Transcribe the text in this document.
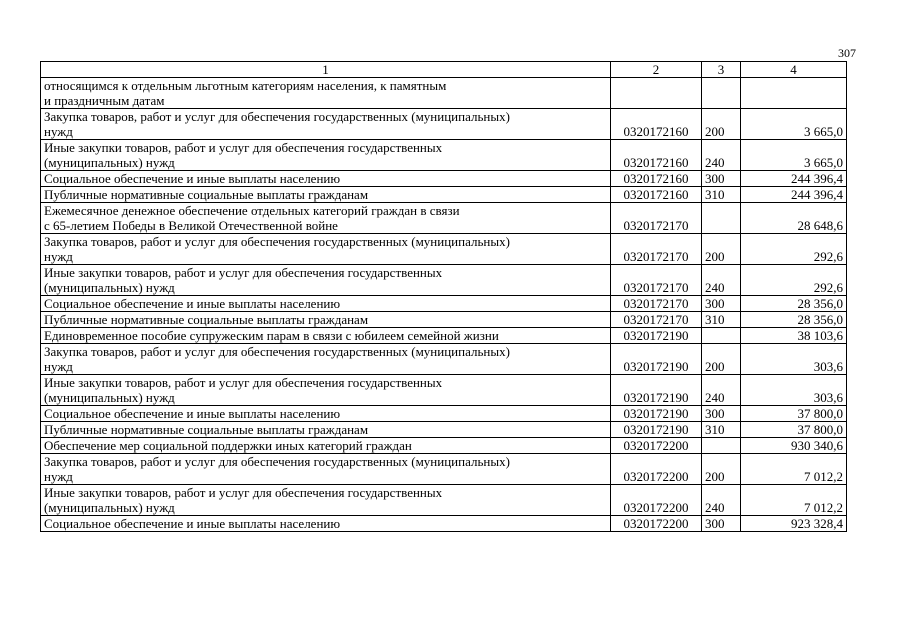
307
1	2	3	4
относящимся к отдельным льготным категориям населения, к памятным
и праздничным датам			
Закупка товаров, работ и услуг для обеспечения государственных (муниципальных)
нужд	0320172160	200	3 665,0
Иные закупки товаров, работ и услуг для обеспечения государственных
(муниципальных) нужд	0320172160	240	3 665,0
Социальное обеспечение и иные выплаты населению	0320172160	300	244 396,4
Публичные нормативные социальные выплаты гражданам	0320172160	310	244 396,4
Ежемесячное денежное обеспечение отдельных категорий граждан в связи
с 65-летием Победы в Великой Отечественной войне	0320172170		28 648,6
Закупка товаров, работ и услуг для обеспечения государственных (муниципальных)
нужд	0320172170	200	292,6
Иные закупки товаров, работ и услуг для обеспечения государственных
(муниципальных) нужд	0320172170	240	292,6
Социальное обеспечение и иные выплаты населению	0320172170	300	28 356,0
Публичные нормативные социальные выплаты гражданам	0320172170	310	28 356,0
Единовременное пособие супружеским парам в связи с юбилеем семейной жизни	0320172190		38 103,6
Закупка товаров, работ и услуг для обеспечения государственных (муниципальных)
нужд	0320172190	200	303,6
Иные закупки товаров, работ и услуг для обеспечения государственных
(муниципальных) нужд	0320172190	240	303,6
Социальное обеспечение и иные выплаты населению	0320172190	300	37 800,0
Публичные нормативные социальные выплаты гражданам	0320172190	310	37 800,0
Обеспечение мер социальной поддержки иных категорий граждан	0320172200		930 340,6
Закупка товаров, работ и услуг для обеспечения государственных (муниципальных)
нужд	0320172200	200	7 012,2
Иные закупки товаров, работ и услуг для обеспечения государственных
(муниципальных) нужд	0320172200	240	7 012,2
Социальное обеспечение и иные выплаты населению	0320172200	300	923 328,4
